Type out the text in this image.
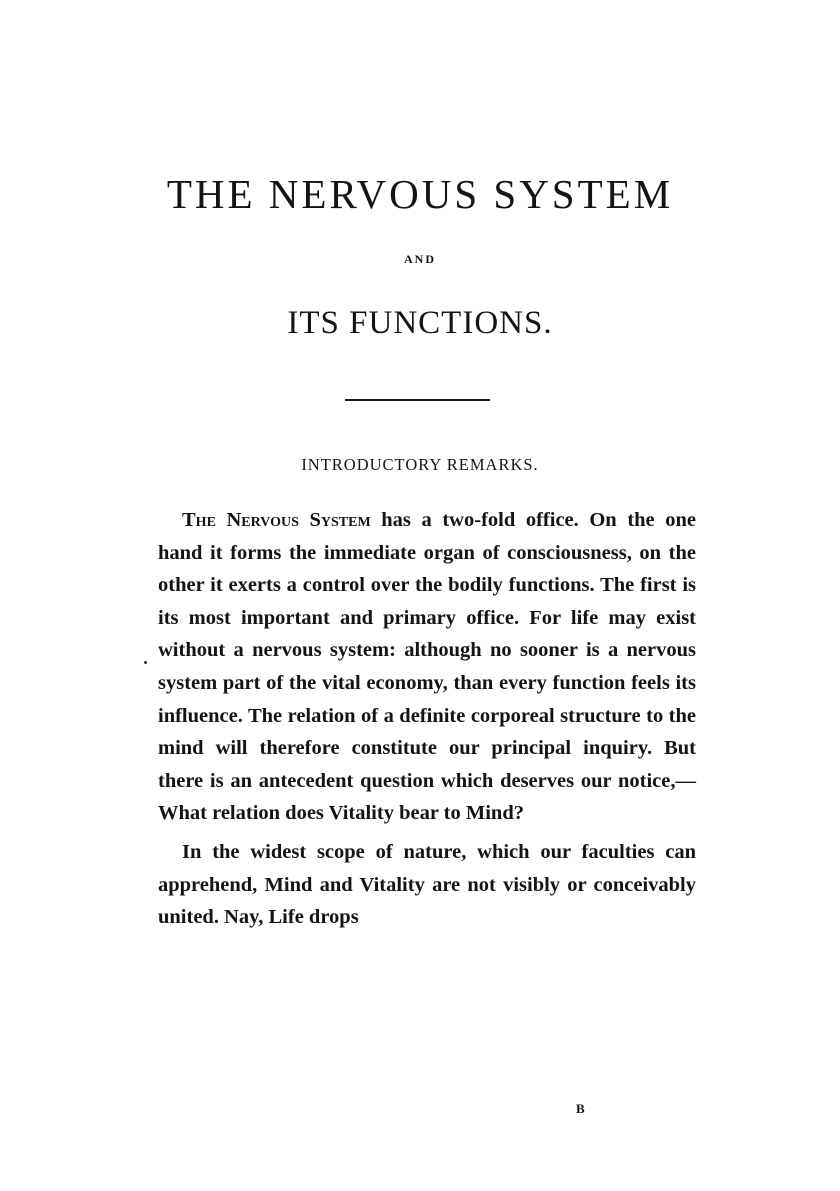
THE NERVOUS SYSTEM
AND
ITS FUNCTIONS.
INTRODUCTORY REMARKS.

The Nervous System has a two-fold office. On the one hand it forms the immediate organ of consciousness, on the other it exerts a control over the bodily functions. The first is its most important and primary office. For life may exist without a nervous system: although no sooner is a nervous system part of the vital economy, than every function feels its influence. The relation of a definite corporeal structure to the mind will therefore constitute our principal inquiry. But there is an antecedent question which deserves our notice,— What relation does Vitality bear to Mind?

In the widest scope of nature, which our faculties can apprehend, Mind and Vitality are not visibly or conceivably united. Nay, Life drops

B
